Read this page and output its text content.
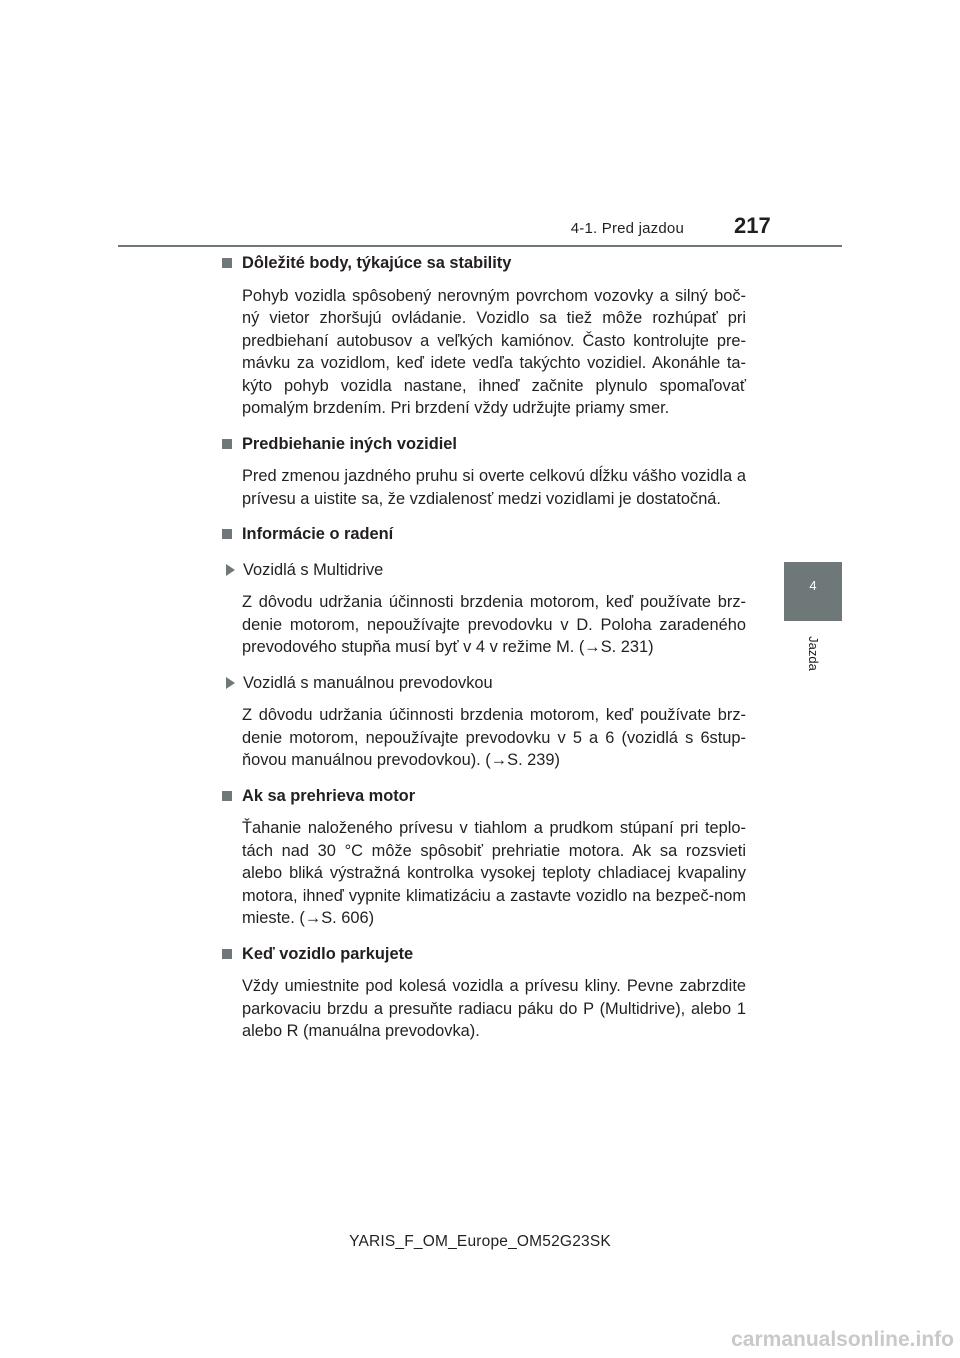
4-1. Pred jazdou 217
4
Jazda
Dôležité body, týkajúce sa stability
Pohyb vozidla spôsobený nerovným povrchom vozovky a silný boč-ný vietor zhoršujú ovládanie. Vozidlo sa tiež môže rozhúpať pri predbiehaní autobusov a veľkých kamiónov. Často kontrolujte pre-mávku za vozidlom, keď idete vedľa takýchto vozidiel. Akonáhle ta-kýto pohyb vozidla nastane, ihneď začnite plynulo spomaľovať pomalým brzdením. Pri brzdení vždy udržujte priamy smer.
Predbiehanie iných vozidiel
Pred zmenou jazdného pruhu si overte celkovú dĺžku vášho vozidla a prívesu a uistite sa, že vzdialenosť medzi vozidlami je dostatočná.
Informácie o radení
Vozidlá s Multidrive
Z dôvodu udržania účinnosti brzdenia motorom, keď používate brz-denie motorom, nepoužívajte prevodovku v D. Poloha zaradeného prevodového stupňa musí byť v 4 v režime M. (→S. 231)
Vozidlá s manuálnou prevodovkou
Z dôvodu udržania účinnosti brzdenia motorom, keď používate brz-denie motorom, nepoužívajte prevodovku v 5 a 6 (vozidlá s 6stup-ňovou manuálnou prevodovkou). (→S. 239)
Ak sa prehrieva motor
Ťahanie naloženého prívesu v tiahlom a prudkom stúpaní pri teplo-tách nad 30 °C môže spôsobiť prehriatie motora. Ak sa rozsvieti alebo bliká výstražná kontrolka vysokej teploty chladiacej kvapaliny motora, ihneď vypnite klimatizáciu a zastavte vozidlo na bezpeč-nom mieste. (→S. 606)
Keď vozidlo parkujete
Vždy umiestnite pod kolesá vozidla a prívesu kliny. Pevne zabrzdite parkovaciu brzdu a presuňte radiacu páku do P (Multidrive), alebo 1 alebo R (manuálna prevodovka).
YARIS_F_OM_Europe_OM52G23SK
carmanualsonline.info
